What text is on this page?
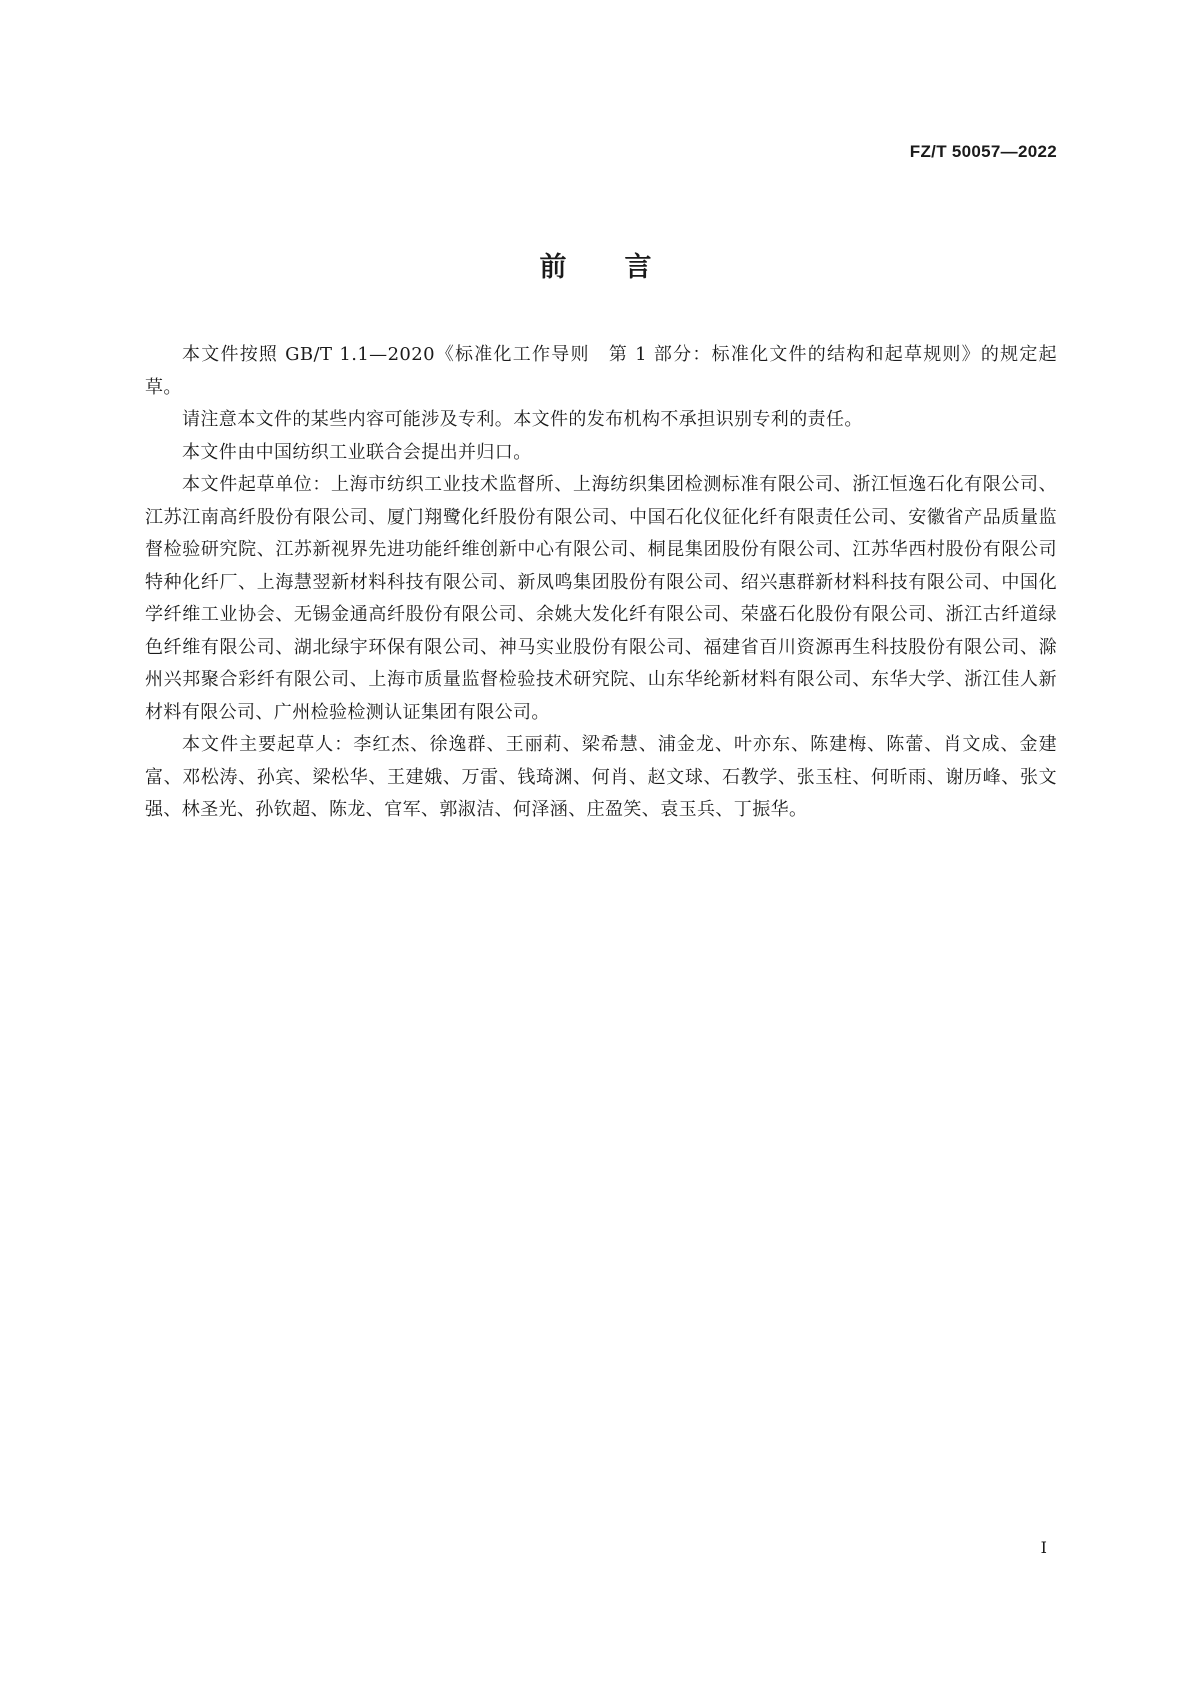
FZ/T 50057—2022
前言

本文件按照 GB/T 1.1—2020《标准化工作导则　第 1 部分：标准化文件的结构和起草规则》的规定起草。

请注意本文件的某些内容可能涉及专利。本文件的发布机构不承担识别专利的责任。

本文件由中国纺织工业联合会提出并归口。

本文件起草单位：上海市纺织工业技术监督所、上海纺织集团检测标准有限公司、浙江恒逸石化有限公司、江苏江南高纤股份有限公司、厦门翔鹭化纤股份有限公司、中国石化仪征化纤有限责任公司、安徽省产品质量监督检验研究院、江苏新视界先进功能纤维创新中心有限公司、桐昆集团股份有限公司、江苏华西村股份有限公司特种化纤厂、上海慧翌新材料科技有限公司、新凤鸣集团股份有限公司、绍兴惠群新材料科技有限公司、中国化学纤维工业协会、无锡金通高纤股份有限公司、余姚大发化纤有限公司、荣盛石化股份有限公司、浙江古纤道绿色纤维有限公司、湖北绿宇环保有限公司、神马实业股份有限公司、福建省百川资源再生科技股份有限公司、滁州兴邦聚合彩纤有限公司、上海市质量监督检验技术研究院、山东华纶新材料有限公司、东华大学、浙江佳人新材料有限公司、广州检验检测认证集团有限公司。

本文件主要起草人：李红杰、徐逸群、王丽莉、梁希慧、浦金龙、叶亦东、陈建梅、陈蕾、肖文成、金建富、邓松涛、孙宾、梁松华、王建娥、万雷、钱琦渊、何肖、赵文球、石教学、张玉柱、何昕雨、谢历峰、张文强、林圣光、孙钦超、陈龙、官军、郭淑洁、何泽涵、庄盈笑、袁玉兵、丁振华。

I
